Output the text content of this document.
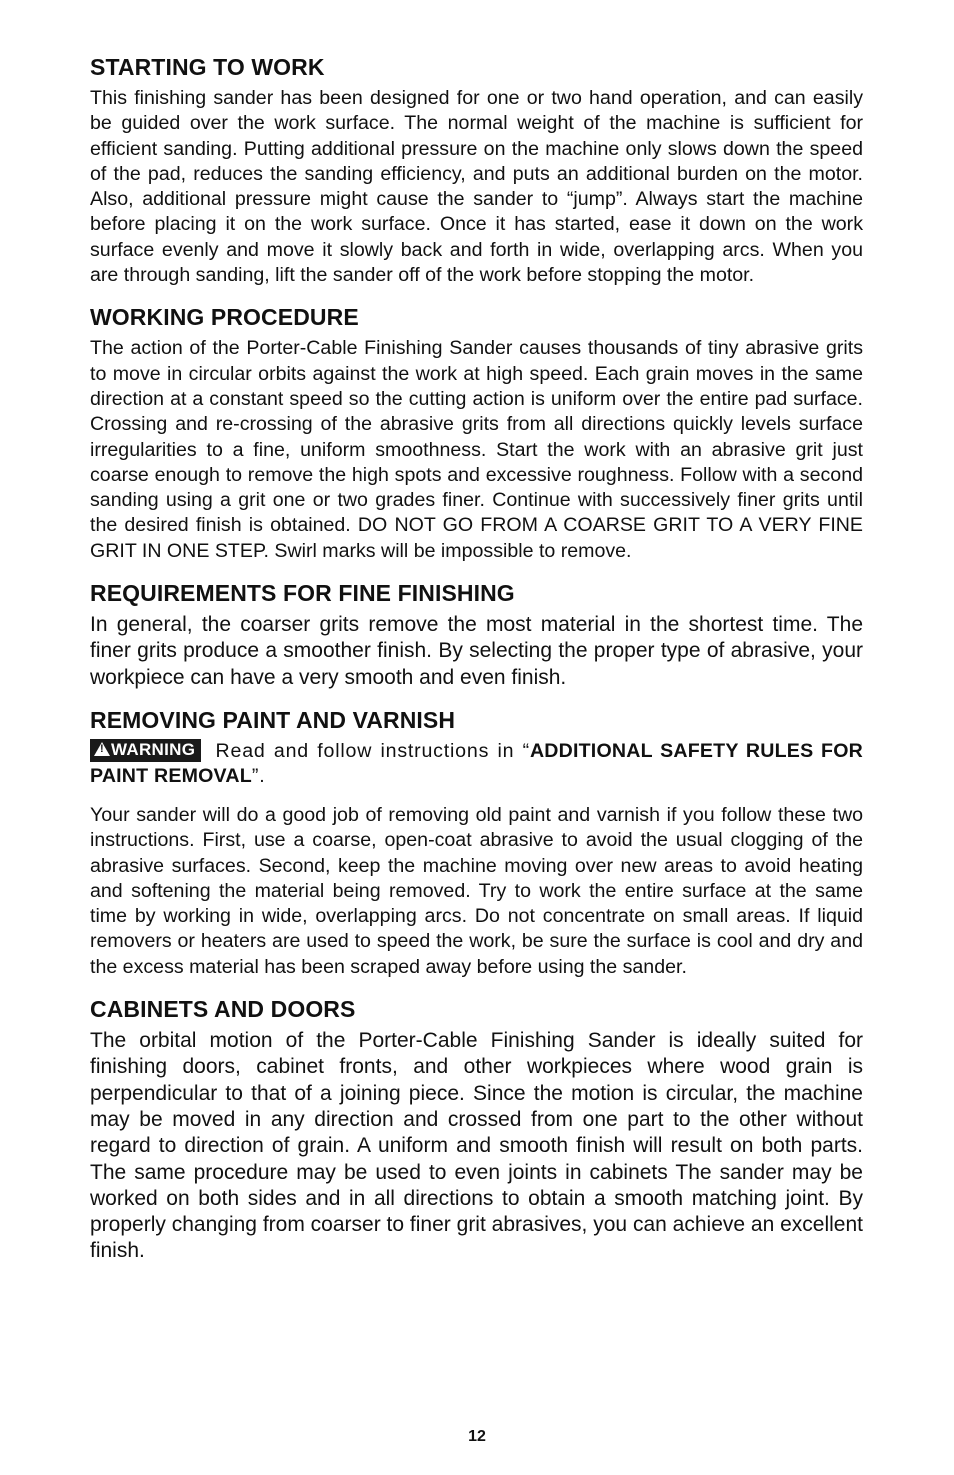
STARTING TO WORK

This finishing sander has been designed for one or two hand operation, and can easily be guided over the work surface. The normal weight of the machine is sufficient for efficient sanding. Putting additional pressure on the machine only slows down the speed of the pad, reduces the sanding efficiency, and puts an additional burden on the motor. Also, additional pressure might cause the sander to “jump”. Always start the machine before placing it on the work surface. Once it has started, ease it down on the work surface evenly and move it slowly back and forth in wide, overlapping arcs. When you are through sanding, lift the sander off of the work before stopping the motor.

WORKING PROCEDURE

The action of the Porter-Cable Finishing Sander causes thousands of tiny abrasive grits to move in circular orbits against the work at high speed. Each grain moves in the same direction at a constant speed so the cutting action is uniform over the entire pad surface. Crossing and re-crossing of the abrasive grits from all directions quickly levels surface irregularities to a fine, uniform smoothness. Start the work with an abrasive grit just coarse enough to remove the high spots and excessive roughness. Follow with a second sanding using a grit one or two grades finer. Continue with successively finer grits until the desired finish is obtained. DO NOT GO FROM A COARSE GRIT TO A VERY FINE GRIT IN ONE STEP. Swirl marks will be impossible to remove.

REQUIREMENTS FOR FINE FINISHING

In general, the coarser grits remove the most material in the shortest time. The finer grits produce a smoother finish. By selecting the proper type of abrasive, your workpiece can have a very smooth and even finish.

REMOVING PAINT AND VARNISH
!WARNING Read and follow instructions in “ADDITIONAL SAFETY RULES FOR PAINT REMOVAL”.

Your sander will do a good job of removing old paint and varnish if you follow these two instructions. First, use a coarse, open-coat abrasive to avoid the usual clogging of the abrasive surfaces. Second, keep the machine moving over new areas to avoid heating and softening the material being removed. Try to work the entire surface at the same time by working in wide, overlapping arcs. Do not concentrate on small areas. If liquid removers or heaters are used to speed the work, be sure the surface is cool and dry and the excess material has been scraped away before using the sander.

CABINETS AND DOORS

The orbital motion of the Porter-Cable Finishing Sander is ideally suited for finishing doors, cabinet fronts, and other workpieces where wood grain is perpendicular to that of a joining piece. Since the motion is circular, the machine may be moved in any direction and crossed from one part to the other without regard to direction of grain. A uniform and smooth finish will result on both parts. The same procedure may be used to even joints in cabinets The sander may be worked on both sides and in all directions to obtain a smooth matching joint. By properly changing from coarser to finer grit abrasives, you can achieve an excellent finish.

12
